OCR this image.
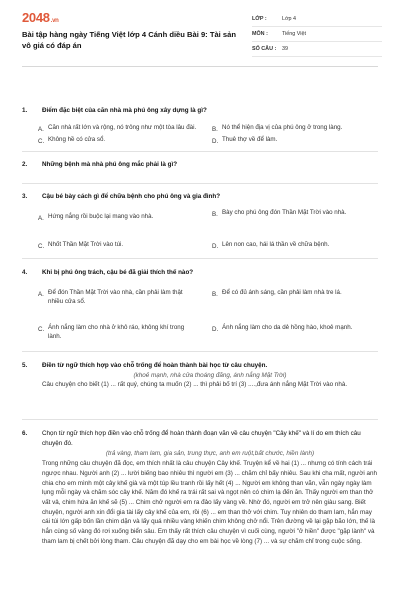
2048.vn
Bài tập hàng ngày Tiếng Việt lớp 4 Cánh diều Bài 9: Tài sản vô giá có đáp án
LỚP :	Lớp 4
MÔN :	Tiếng Việt
SỐ CÂU :	39
1.	Điểm đặc biệt của căn nhà mà phú ông xây dựng là gì?
A. Căn nhà rất lớn và rộng, nó trông như một tòa lâu đài.	B. Nó thể hiện địa vị của phú ông ở trong làng.
C. Không hề có cửa sổ.	D. Thuê thợ về để làm.
2.	Những bệnh mà nhà phú ông mắc phải là gì?
3.	Cậu bé bày cách gì để chữa bệnh cho phú ông và gia đình?
A. Hứng nắng rồi buộc lại mang vào nhà.	B. Bày cho phú ông đón Thần Mặt Trời vào nhà.
C. Nhốt Thần Mặt Trời vào túi.	D. Lên non cao, hái lá thần về chữa bệnh.
4.	Khi bị phú ông trách, cậu bé đã giải thích thế nào?
A. Để đón Thần Mặt Trời vào nhà, cần phải làm thật nhiều cửa sổ.
B. Để có đủ ánh sáng, cần phải làm nhà tre lá.
C. Ánh nắng làm cho nhà ở khô ráo, không khí trong lành.
D. Ánh nắng làm cho da dẻ hồng hào, khoẻ mạnh.
5.	Điền từ ngữ thích hợp vào chỗ trống để hoàn thành bài học từ câu chuyện.
(khoẻ mạnh, nhà cửa thoáng đãng, ánh nắng Mặt Trời)
Câu chuyện cho biết (1) ... rất quý, chúng ta muốn (2) ... thì phải bố trí (3) ....,đưa ánh nắng Mặt Trời vào nhà.
6.	Chọn từ ngữ thích hợp điền vào chỗ trống để hoàn thành đoạn văn về câu chuyện "Cây khế" và lí do em thích câu chuyện đó.
(trả vàng, tham lam, gia sản, trung thực, anh em ruột,bất chước, hiền lành)
Trong những câu chuyện đã đọc, em thích nhất là câu chuyện Cây khế. Truyện kể về hai (1) ... nhưng có tính cách trái ngược nhau. Người anh (2) ... lười biếng bao nhiêu thì người em (3) ... chăm chỉ bấy nhiêu. Sau khi cha mất, người anh chia cho em mình một cây khế già và một túp lều tranh rồi lấy hết (4) ... Người em không than vãn, vẫn ngày ngày làm lụng mỗi ngày và chăm sóc cây khế. Năm đó khế ra trái rất sai và ngọt nên có chim lạ đến ăn. Thấy người em than thở vất vả, chim hứa ăn khế sẽ (5) ... Chim chở người em ra đảo lấy vàng về. Nhờ đó, người em trở nên giàu sang. Biết chuyện, người anh xin đổi gia tài lấy cây khế của em, rồi (6) ... em than thở với chim. Tuy nhiên do tham lam, hắn may cái túi lớn gấp bốn lần chim dặn và lấy quá nhiều vàng khiến chim không chở nổi. Trên đường về lại gặp bão lớn, thế là hắn cùng số vàng đó rơi xuống biển sâu. Em thấy rất thích câu chuyện vì cuối cùng, người "ở hiền" được "gặp lành" và tham lam bị chết bởi lòng tham. Câu chuyện đã dạy cho em bài học về lòng (7) ... và sự chăm chỉ trong cuộc sống.
